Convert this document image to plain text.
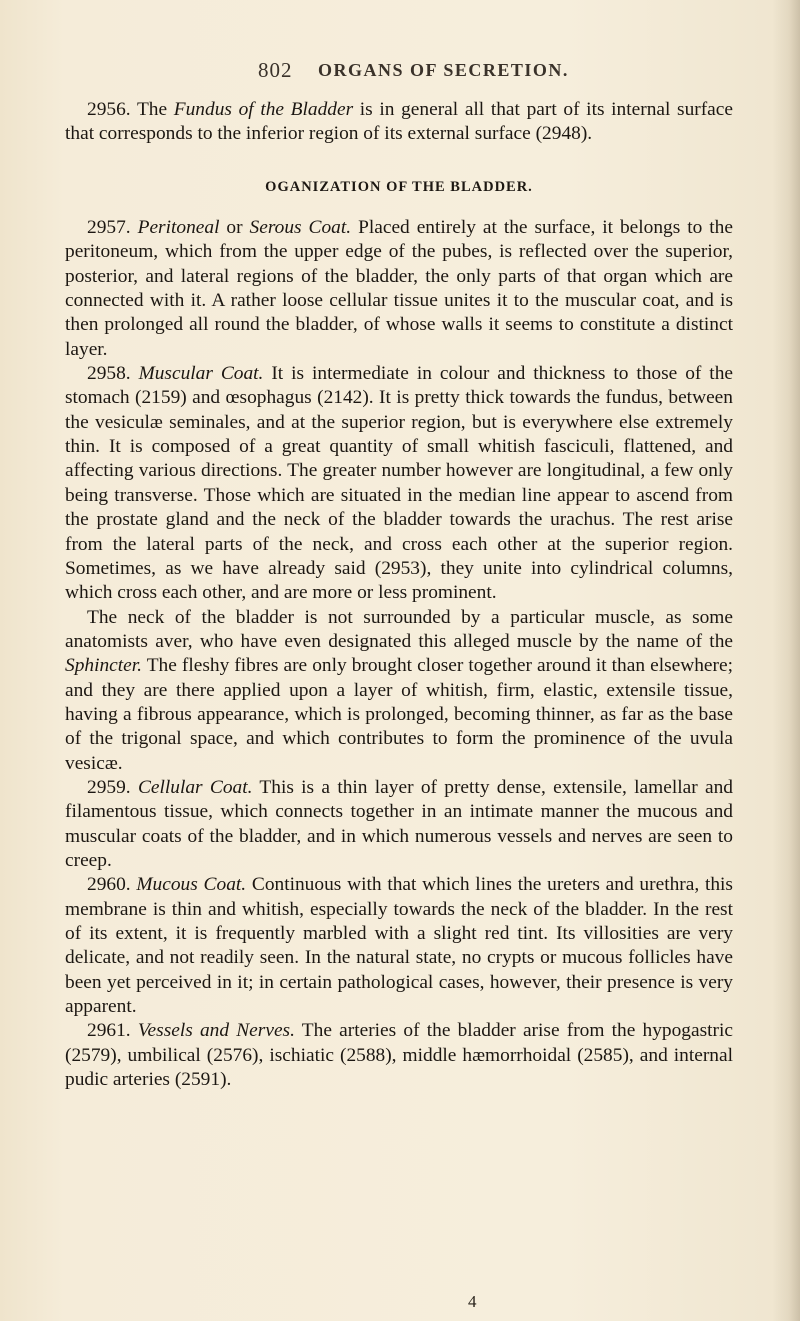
802 ORGANS OF SECRETION.

2956. The Fundus of the Bladder is in general all that part of its internal surface that corresponds to the inferior region of its external surface (2948).

OGANIZATION OF THE BLADDER.

2957. Peritoneal or Serous Coat. Placed entirely at the surface, it belongs to the peritoneum, which from the upper edge of the pubes, is reflected over the superior, posterior, and lateral regions of the bladder, the only parts of that organ which are connected with it. A rather loose cellular tissue unites it to the muscular coat, and is then prolonged all round the bladder, of whose walls it seems to constitute a distinct layer.

2958. Muscular Coat. It is intermediate in colour and thickness to those of the stomach (2159) and œsophagus (2142). It is pretty thick towards the fundus, between the vesiculæ seminales, and at the superior region, but is everywhere else extremely thin. It is composed of a great quantity of small whitish fasciculi, flattened, and affecting various directions. The greater number however are longitudinal, a few only being transverse. Those which are situated in the median line appear to ascend from the prostate gland and the neck of the bladder towards the urachus. The rest arise from the lateral parts of the neck, and cross each other at the superior region. Sometimes, as we have already said (2953), they unite into cylindrical columns, which cross each other, and are more or less prominent.

The neck of the bladder is not surrounded by a particular muscle, as some anatomists aver, who have even designated this alleged muscle by the name of the Sphincter. The fleshy fibres are only brought closer together around it than elsewhere; and they are there applied upon a layer of whitish, firm, elastic, extensile tissue, having a fibrous appearance, which is prolonged, becoming thinner, as far as the base of the trigonal space, and which contributes to form the prominence of the uvula vesicæ.

2959. Cellular Coat. This is a thin layer of pretty dense, extensile, lamellar and filamentous tissue, which connects together in an intimate manner the mucous and muscular coats of the bladder, and in which numerous vessels and nerves are seen to creep.

2960. Mucous Coat. Continuous with that which lines the ureters and urethra, this membrane is thin and whitish, especially towards the neck of the bladder. In the rest of its extent, it is frequently marbled with a slight red tint. Its villosities are very delicate, and not readily seen. In the natural state, no crypts or mucous follicles have been yet perceived in it; in certain pathological cases, however, their presence is very apparent.

2961. Vessels and Nerves. The arteries of the bladder arise from the hypogastric (2579), umbilical (2576), ischiatic (2588), middle hæmorrhoidal (2585), and internal pudic arteries (2591).

4
